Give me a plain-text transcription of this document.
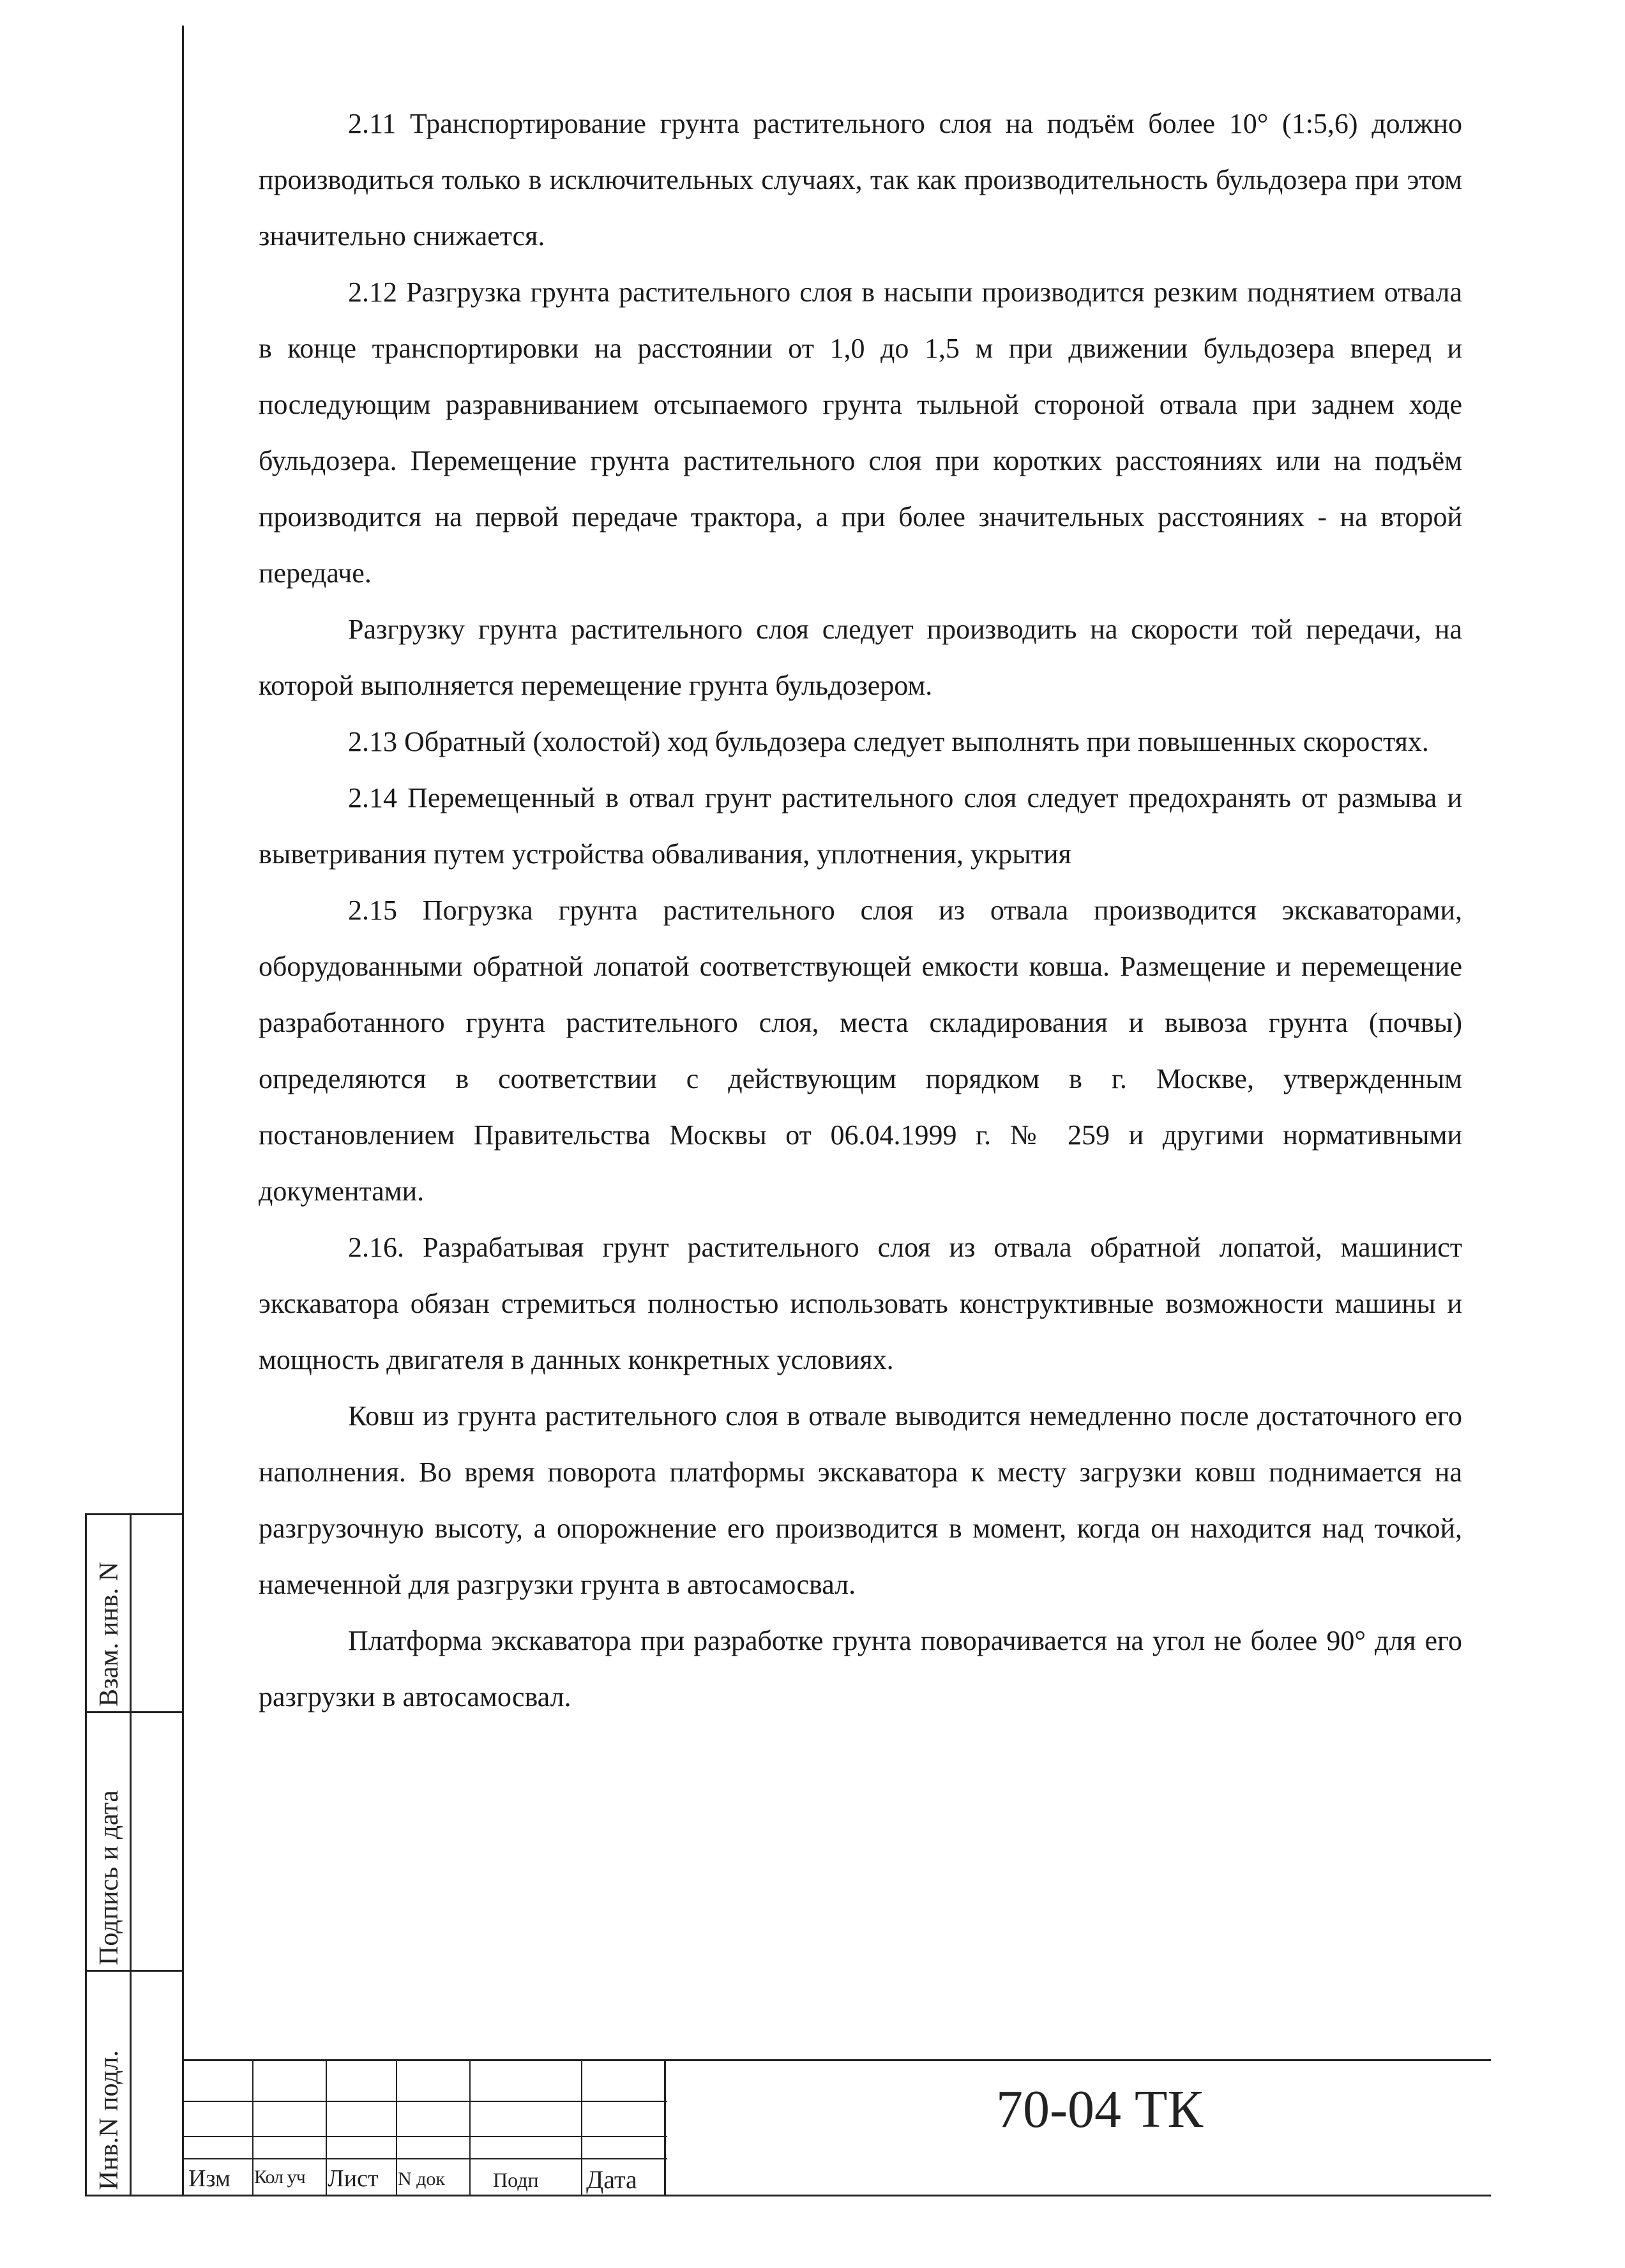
Взам. инв. N
Подпись и дата
Инв.N подл.

2.11 Транспортирование грунта растительного слоя на подъём более 10° (1:5,6) должно производиться только в исключительных случаях, так как производительность бульдозера при этом значительно снижается.

2.12 Разгрузка грунта растительного слоя в насыпи производится резким поднятием отвала в конце транспортировки на расстоянии от 1,0 до 1,5 м при движении бульдозера вперед и последующим разравниванием отсыпаемого грунта тыльной стороной отвала при заднем ходе бульдозера. Перемещение грунта растительного слоя при коротких расстояниях или на подъём производится на первой передаче трактора, а при более значительных расстояниях - на второй передаче.

Разгрузку грунта растительного слоя следует производить на скорости той передачи, на которой выполняется перемещение грунта бульдозером.

2.13 Обратный (холостой) ход бульдозера следует выполнять при повышенных скоростях.

2.14 Перемещенный в отвал грунт растительного слоя следует предохранять от размыва и выветривания путем устройства обваливания, уплотнения, укрытия

2.15 Погрузка грунта растительного слоя из отвала производится экскаваторами, оборудованными обратной лопатой соответствующей емкости ковша. Размещение и перемещение разработанного грунта растительного слоя, места складирования и вывоза грунта (почвы) определяются в соответствии с действующим порядком в г. Москве, утвержденным постановлением Правительства Москвы от 06.04.1999 г. № 259 и другими нормативными документами.

2.16. Разрабатывая грунт растительного слоя из отвала обратной лопатой, машинист экскаватора обязан стремиться полностью использовать конструктивные возможности машины и мощность двигателя в данных конкретных условиях.

Ковш из грунта растительного слоя в отвале выводится немедленно после достаточного его наполнения. Во время поворота платформы экскаватора к месту загрузки ковш поднимается на разгрузочную высоту, а опорожнение его производится в момент, когда он находится над точкой, намеченной для разгрузки грунта в автосамосвал.

Платформа экскаватора при разработке грунта поворачивается на угол не более 90° для его разгрузки в автосамосвал.

Изм Кол уч Лист N док Подп Дата
70-04 ТК
